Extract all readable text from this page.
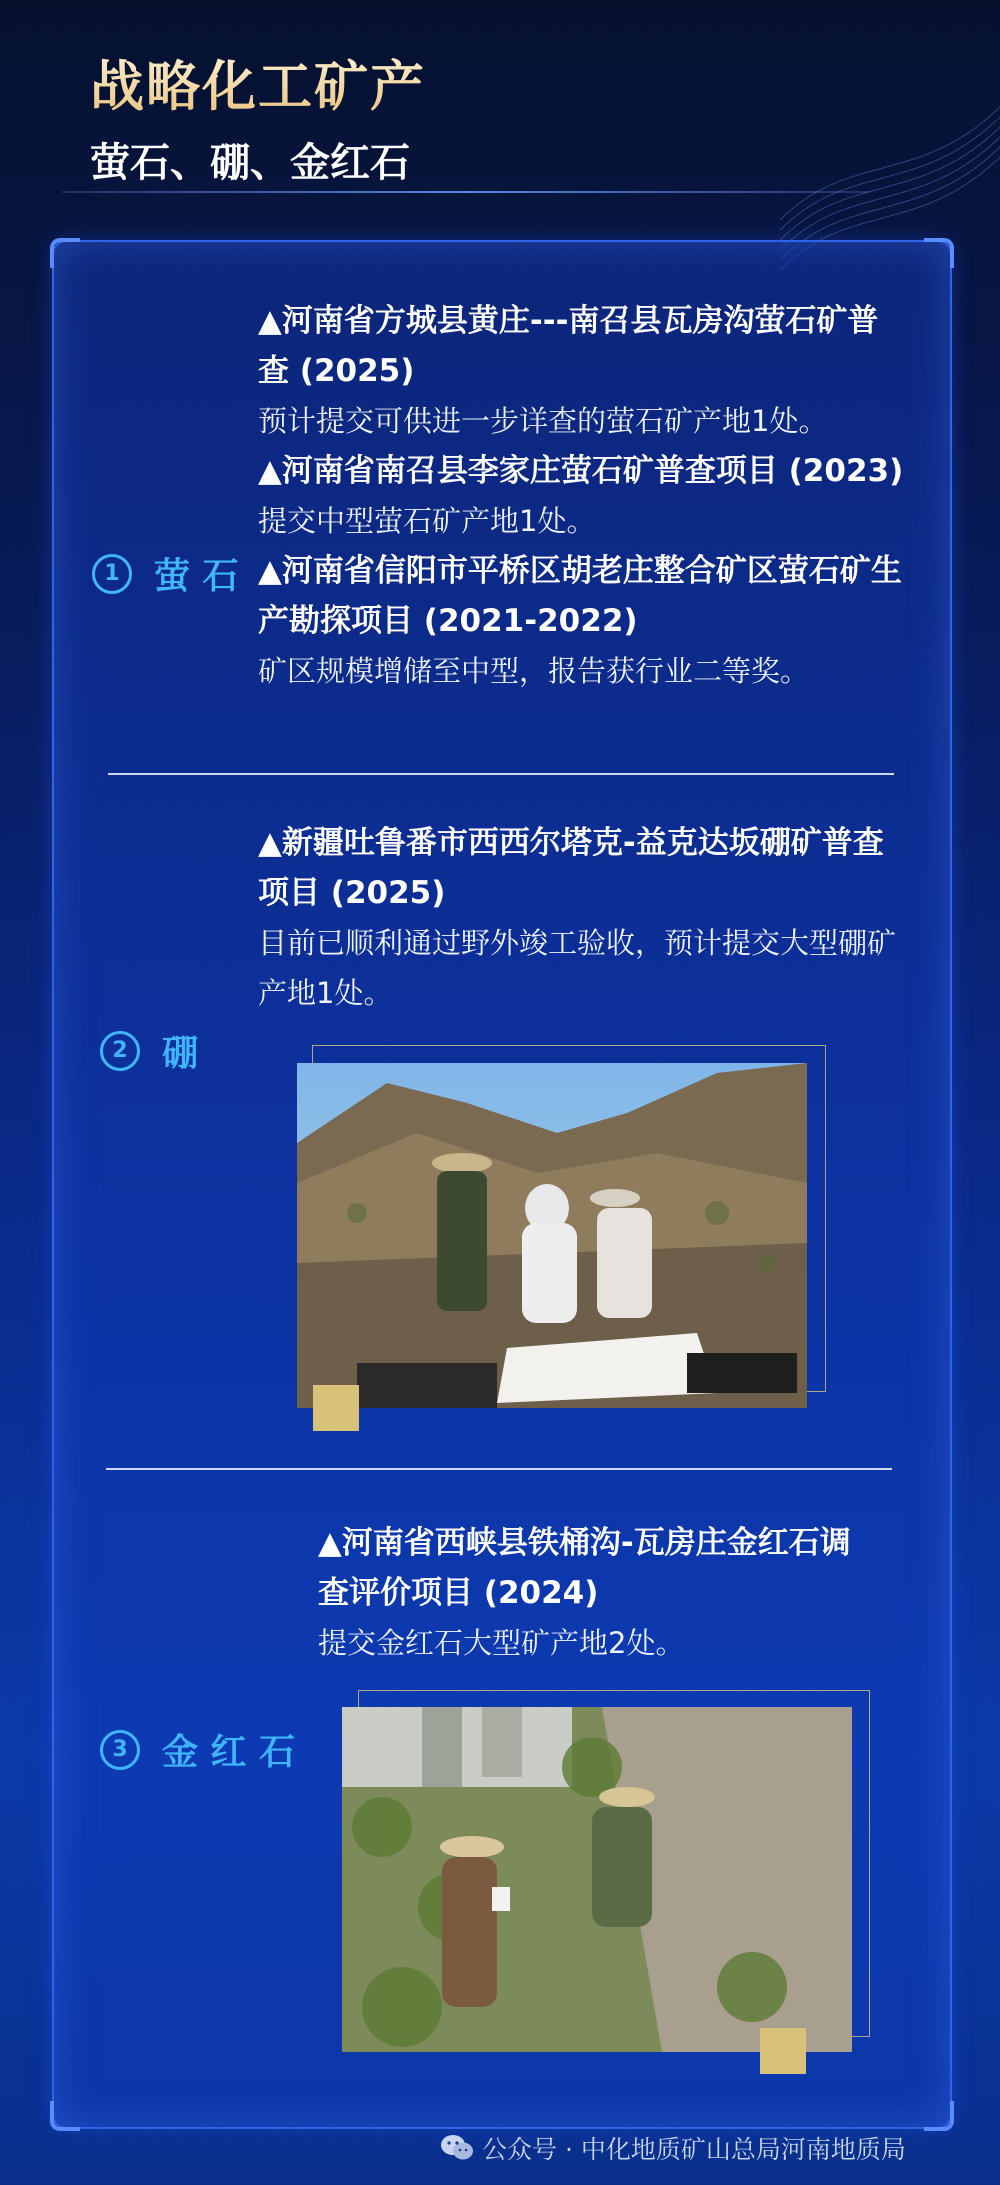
战略化工矿产
萤石、硼、金红石
1 萤 石
▲河南省方城县黄庄---南召县瓦房沟萤石矿普查 (2025)
预计提交可供进一步详查的萤石矿产地1处。
▲河南省南召县李家庄萤石矿普查项目 (2023)
提交中型萤石矿产地1处。
▲河南省信阳市平桥区胡老庄整合矿区萤石矿生产勘探项目 (2021-2022)
矿区规模增储至中型，报告获行业二等奖。
2 硼
▲新疆吐鲁番市西西尔塔克-益克达坂硼矿普查项目 (2025)
目前已顺利通过野外竣工验收，预计提交大型硼矿产地1处。
3 金 红 石
▲河南省西峡县铁桶沟-瓦房庄金红石调查评价项目 (2024)
提交金红石大型矿产地2处。
公众号 · 中化地质矿山总局河南地质局
